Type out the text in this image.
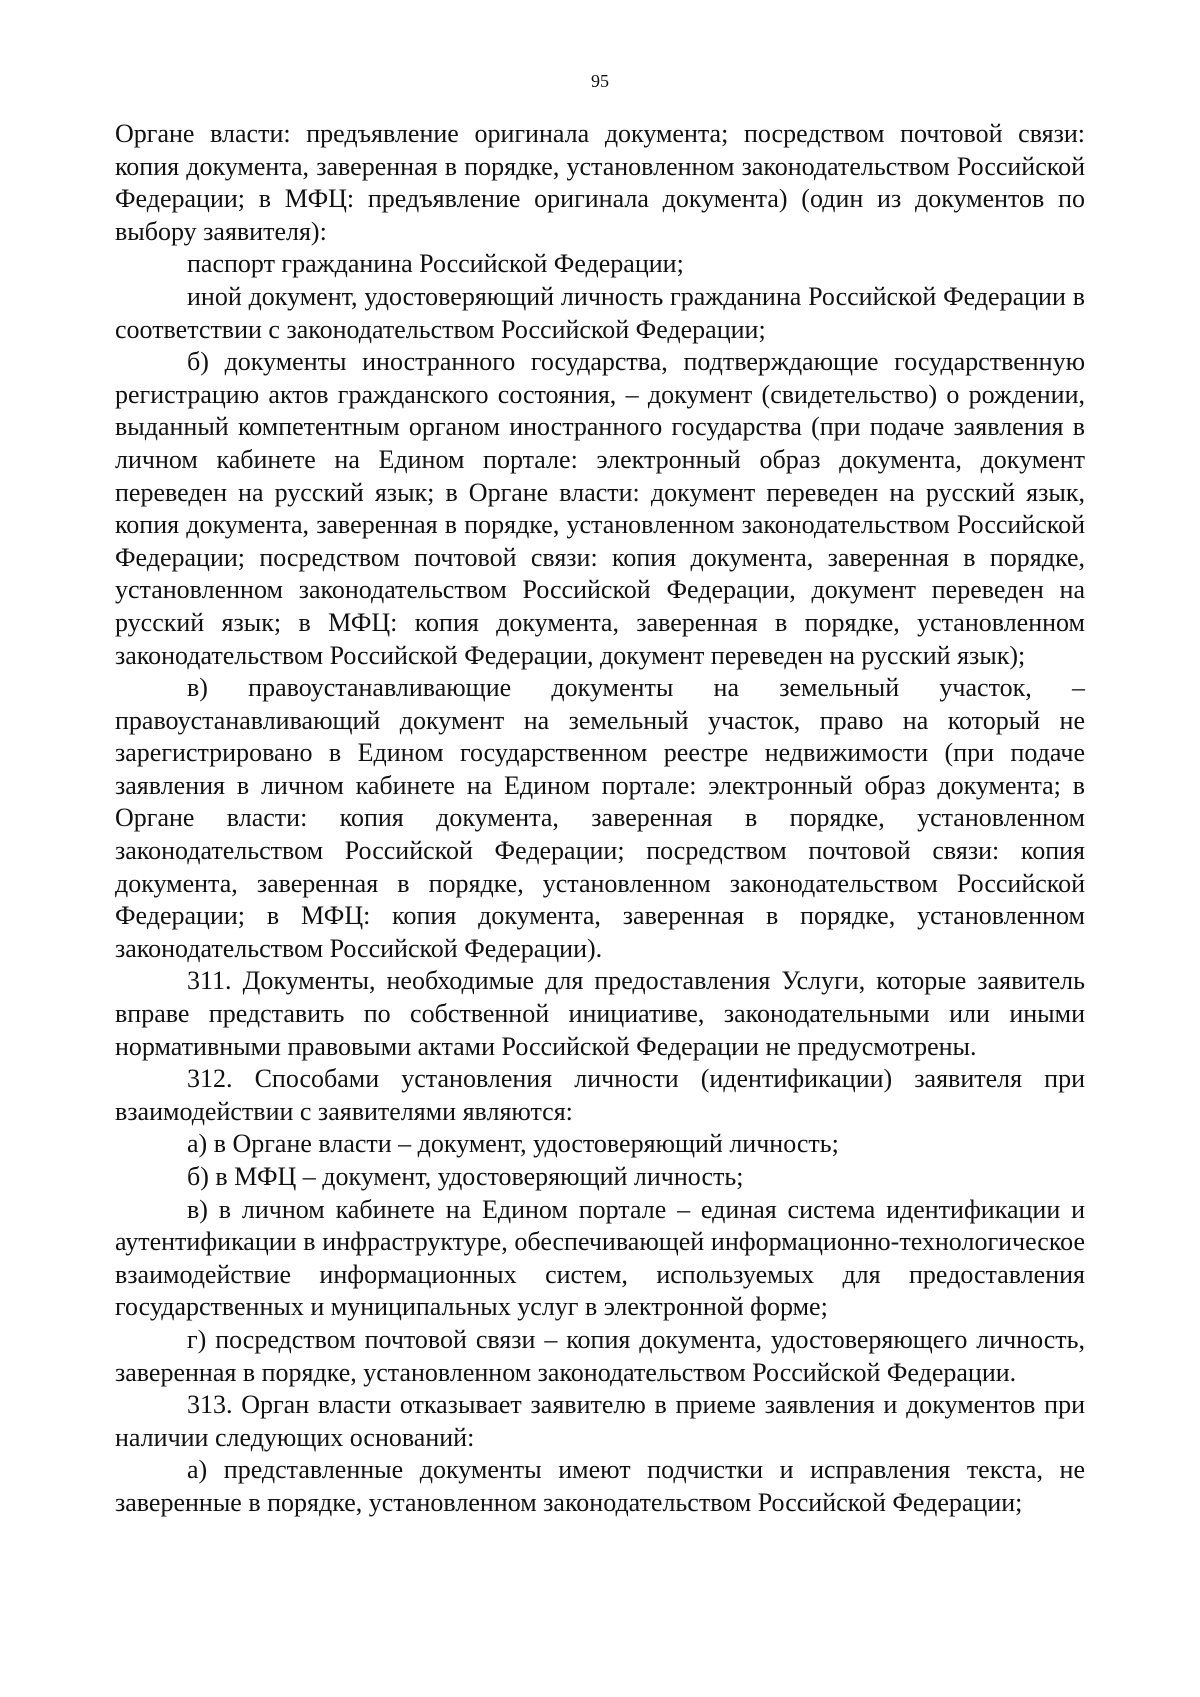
95

Органе власти: предъявление оригинала документа; посредством почтовой связи: копия документа, заверенная в порядке, установленном законодательством Российской Федерации; в МФЦ: предъявление оригинала документа) (один из документов по выбору заявителя):

паспорт гражданина Российской Федерации;

иной документ, удостоверяющий личность гражданина Российской Федерации в соответствии с законодательством Российской Федерации;

б) документы иностранного государства, подтверждающие государственную регистрацию актов гражданского состояния, – документ (свидетельство) о рождении, выданный компетентным органом иностранного государства (при подаче заявления в личном кабинете на Едином портале: электронный образ документа, документ переведен на русский язык; в Органе власти: документ переведен на русский язык, копия документа, заверенная в порядке, установленном законодательством Российской Федерации; посредством почтовой связи: копия документа, заверенная в порядке, установленном законодательством Российской Федерации, документ переведен на русский язык; в МФЦ: копия документа, заверенная в порядке, установленном законодательством Российской Федерации, документ переведен на русский язык);

в) правоустанавливающие документы на земельный участок, – правоустанавливающий документ на земельный участок, право на который не зарегистрировано в Едином государственном реестре недвижимости (при подаче заявления в личном кабинете на Едином портале: электронный образ документа; в Органе власти: копия документа, заверенная в порядке, установленном законодательством Российской Федерации; посредством почтовой связи: копия документа, заверенная в порядке, установленном законодательством Российской Федерации; в МФЦ: копия документа, заверенная в порядке, установленном законодательством Российской Федерации).

311. Документы, необходимые для предоставления Услуги, которые заявитель вправе представить по собственной инициативе, законодательными или иными нормативными правовыми актами Российской Федерации не предусмотрены.

312. Способами установления личности (идентификации) заявителя при взаимодействии с заявителями являются:

а) в Органе власти – документ, удостоверяющий личность;

б) в МФЦ – документ, удостоверяющий личность;

в) в личном кабинете на Едином портале – единая система идентификации и аутентификации в инфраструктуре, обеспечивающей информационно-технологическое взаимодействие информационных систем, используемых для предоставления государственных и муниципальных услуг в электронной форме;

г) посредством почтовой связи – копия документа, удостоверяющего личность, заверенная в порядке, установленном законодательством Российской Федерации.

313. Орган власти отказывает заявителю в приеме заявления и документов при наличии следующих оснований:

а) представленные документы имеют подчистки и исправления текста, не заверенные в порядке, установленном законодательством Российской Федерации;
